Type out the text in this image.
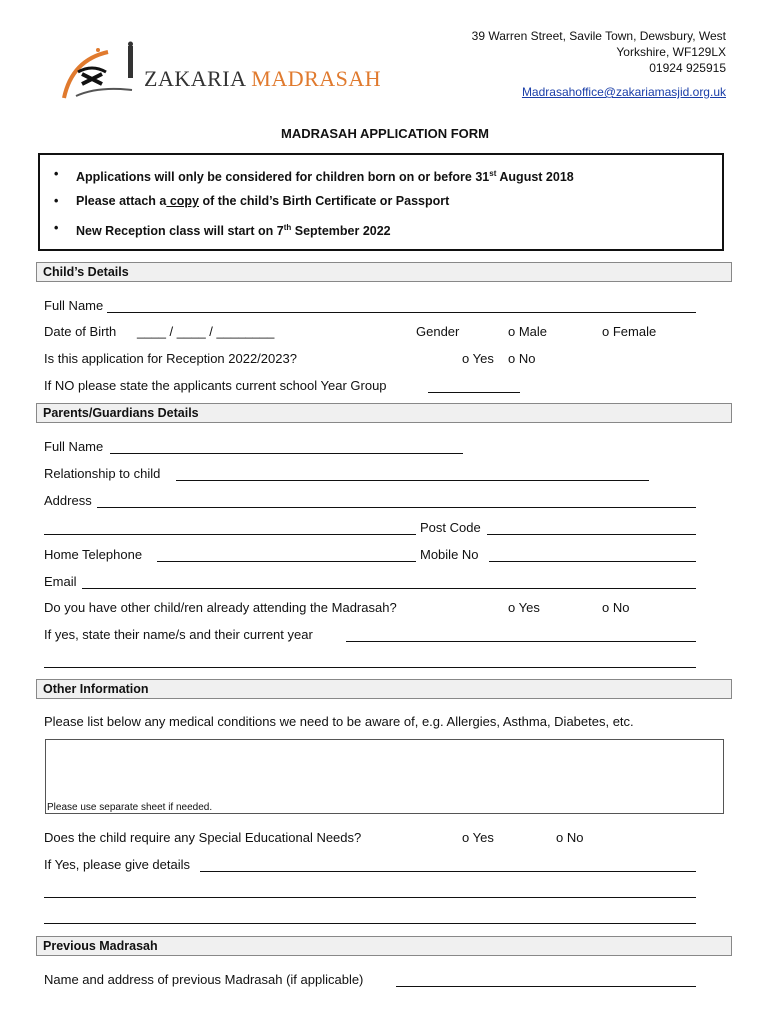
ZAKARIA MADRASAH
39 Warren Street, Savile Town, Dewsbury, West
Yorkshire, WF129LX
01924 925915
Madrasahoffice@zakariamasjid.org.uk
MADRASAH APPLICATION FORM
• Applications will only be considered for children born on or before 31st August 2018
• Please attach a copy of the child’s Birth Certificate or Passport
• New Reception class will start on 7th September 2022
Child’s Details
Full Name
Date of Birth ____ / ____ / ________	Gender	o Male	o Female
Is this application for Reception 2022/2023?	o Yes o No
If NO please state the applicants current school Year Group
Parents/Guardians Details
Full Name
Relationship to child
Address
Post Code
Home Telephone	Mobile No
Email
Do you have other child/ren already attending the Madrasah?	o Yes	o No
If yes, state their name/s and their current year
Other Information
Please list below any medical conditions we need to be aware of, e.g. Allergies, Asthma, Diabetes, etc.
Please use separate sheet if needed.
Does the child require any Special Educational Needs?	o Yes	o No
If Yes, please give details
Previous Madrasah
Name and address of previous Madrasah (if applicable)
